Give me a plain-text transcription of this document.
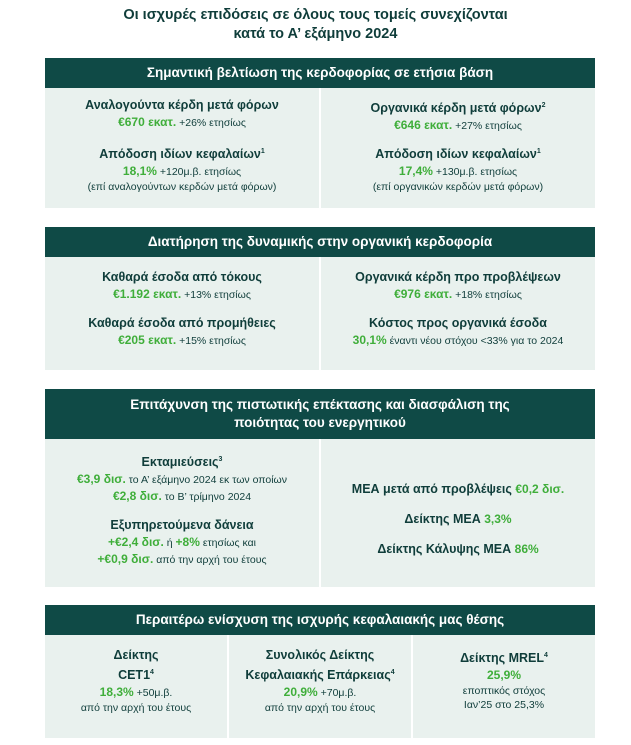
Οι ισχυρές επιδόσεις σε όλους τους τομείς συνεχίζονται
κατά το Α’ εξάμηνο 2024
Σημαντική βελτίωση της κερδοφορίας σε ετήσια βάση
Αναλογούντα κέρδη μετά φόρων
€670 εκατ. +26% ετησίως
Απόδοση ιδίων κεφαλαίων$^1$
18,1% +120μ.β. ετησίως
(επί αναλογούντων κερδών μετά φόρων)
Οργανικά κέρδη μετά φόρων$^2$
€646 εκατ. +27% ετησίως
Απόδοση ιδίων κεφαλαίων$^1$
17,4% +130μ.β. ετησίως
(επί οργανικών κερδών μετά φόρων)
Διατήρηση της δυναμικής στην οργανική κερδοφορία
Καθαρά έσοδα από τόκους
€1.192 εκατ. +13% ετησίως
Καθαρά έσοδα από προμήθειες
€205 εκατ. +15% ετησίως
Οργανικά κέρδη προ προβλέψεων
€976 εκατ. +18% ετησίως
Κόστος προς οργανικά έσοδα
30,1% έναντι νέου στόχου <33% για το 2024
Επιτάχυνση της πιστωτικής επέκτασης και διασφάλιση της
ποιότητας του ενεργητικού
Εκταμιεύσεις$^3$
€3,9 δισ. το Α’ εξάμηνο 2024 εκ των οποίων
€2,8 δισ. το Β’ τρίμηνο 2024
Εξυπηρετούμενα δάνεια
+€2,4 δισ. ή +8% ετησίως και
+€0,9 δισ. από την αρχή του έτους
ΜΕΑ μετά από προβλέψεις €0,2 δισ.
Δείκτης ΜΕΑ 3,3%
Δείκτης Κάλυψης ΜΕΑ 86%
Περαιτέρω ενίσχυση της ισχυρής κεφαλαιακής μας θέσης
Δείκτης
$CET1^4$
18,3% +50μ.β.
από την αρχή του έτους
Συνολικός Δείκτης
Κεφαλαιακής Επάρκειας$^4$
20,9% +70μ.β.
από την αρχή του έτους
Δείκτης MREL$^4$
25,9%
εποπτικός στόχος
Ιαν’25 στο 25,3%
